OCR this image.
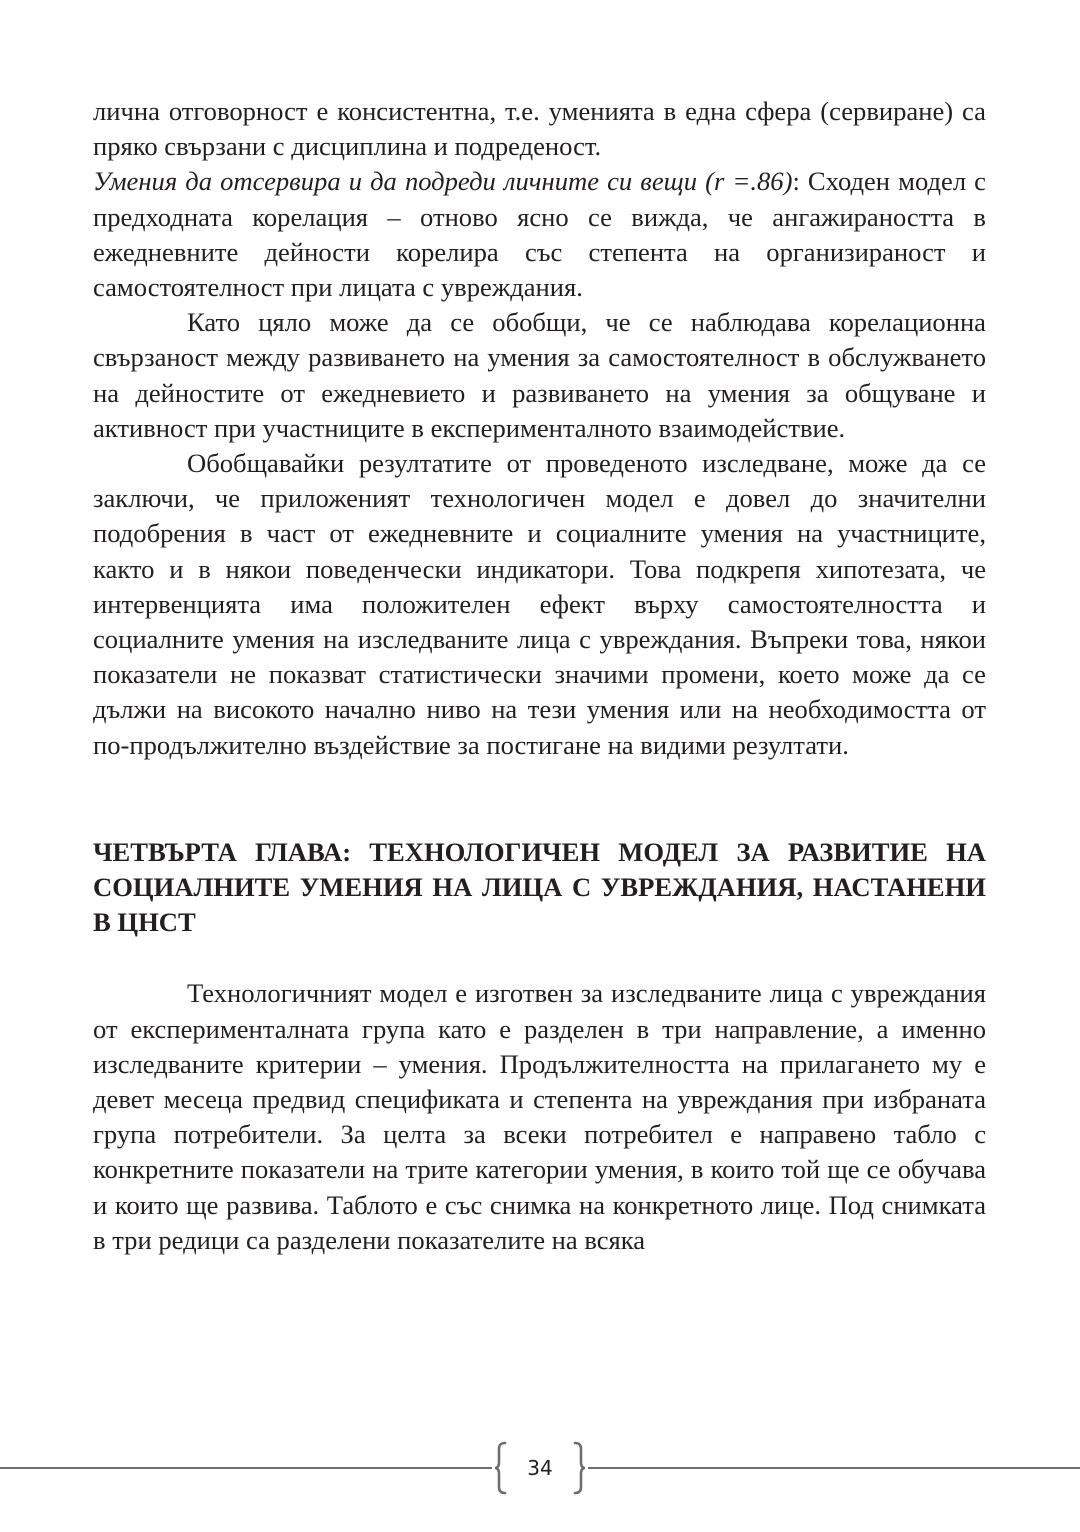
лична отговорност е консистентна, т.е. уменията в една сфера (сервиране) са пряко свързани с дисциплина и подреденост.

Умения да отсервира и да подреди личните си вещи (r =.86): Сходен модел с предходната корелация – отново ясно се вижда, че ангажираността в ежедневните дейности корелира със степента на организираност и самостоятелност при лицата с увреждания.

Като цяло може да се обобщи, че се наблюдава корелационна свързаност между развиването на умения за самостоятелност в обслужването на дейностите от ежедневието и развиването на умения за общуване и активност при участниците в експерименталното взаимодействие.

Обобщавайки резултатите от проведеното изследване, може да се заключи, че приложеният технологичен модел е довел до значителни подобрения в част от ежедневните и социалните умения на участниците, както и в някои поведенчески индикатори. Това подкрепя хипотезата, че интервенцията има положителен ефект върху самостоятелността и социалните умения на изследваните лица с увреждания. Въпреки това, някои показатели не показват статистически значими промени, което може да се дължи на високото начално ниво на тези умения или на необходимостта от по-продължително въздействие за постигане на видими резултати.

ЧЕТВЪРТА ГЛАВА: ТЕХНОЛОГИЧЕН МОДЕЛ ЗА РАЗВИТИЕ НА СОЦИАЛНИТЕ УМЕНИЯ НА ЛИЦА С УВРЕЖДАНИЯ, НАСТАНЕНИ В ЦНСТ

Технологичният модел е изготвен за изследваните лица с увреждания от експерименталната група като е разделен в три направление, а именно изследваните критерии – умения. Продължителността на прилагането му е девет месеца предвид спецификата и степента на увреждания при избраната група потребители. За целта за всеки потребител е направено табло с конкретните показатели на трите категории умения, в които той ще се обучава и които ще развива. Таблото е със снимка на конкретното лице. Под снимката в три редици са разделени показателите на всяка

34
